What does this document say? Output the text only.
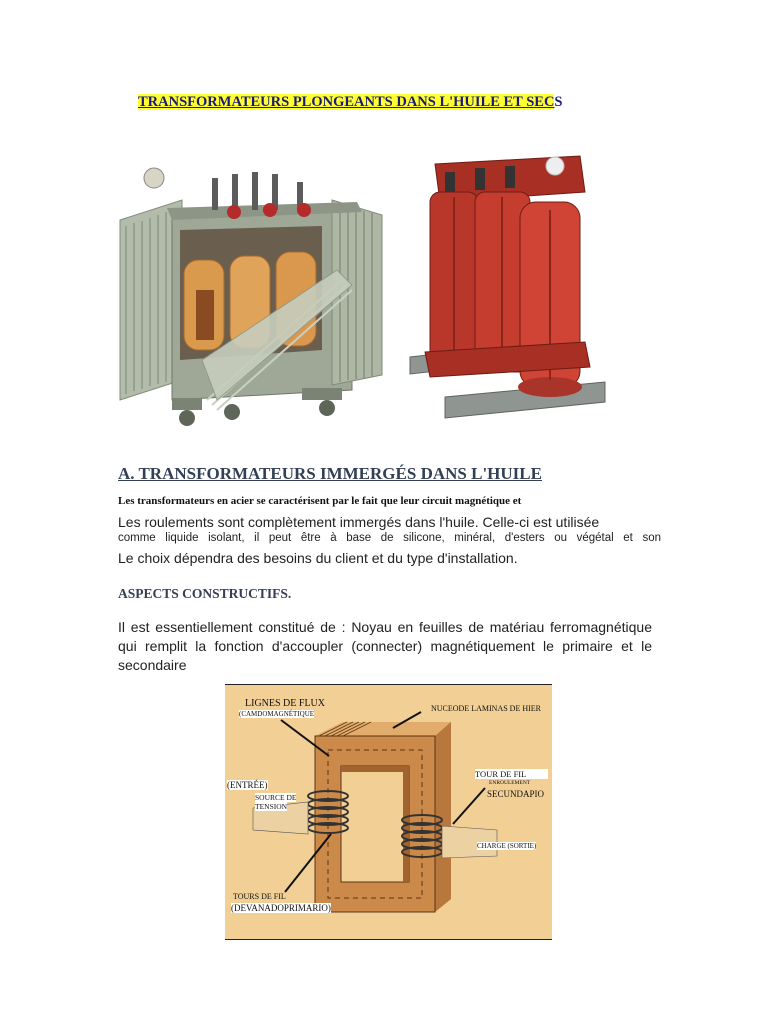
TRANSFORMATEURS PLONGEANTS DANS L'HUILE ET SECS
A. TRANSFORMATEURS IMMERGÉS DANS L'HUILE
Les transformateurs en acier se caractérisent par le fait que leur circuit magnétique et
Les roulements sont complètement immergés dans l'huile. Celle-ci est utilisée
comme liquide isolant, il peut être à base de silicone, minéral, d'esters ou végétal et son
Le choix dépendra des besoins du client et du type d'installation.
ASPECTS CONSTRUCTIFS.
Il est essentiellement constitué de : Noyau en feuilles de matériau ferromagnétique qui remplit la fonction d'accoupler (connecter) magnétiquement le primaire et le secondaire
LIGNES DE FLUX
(CAMDOMAGNÉTIQUE
NUCEODE LAMINAS DE HIER
(ENTRÉE)
SOURCE DE
TENSION
TOUR DE FIL
ENROULEMENT
SECUNDAPIO
CHARGE (SORTIE)
TOURS DE FIL
(DEVANADOPRIMARIO)
